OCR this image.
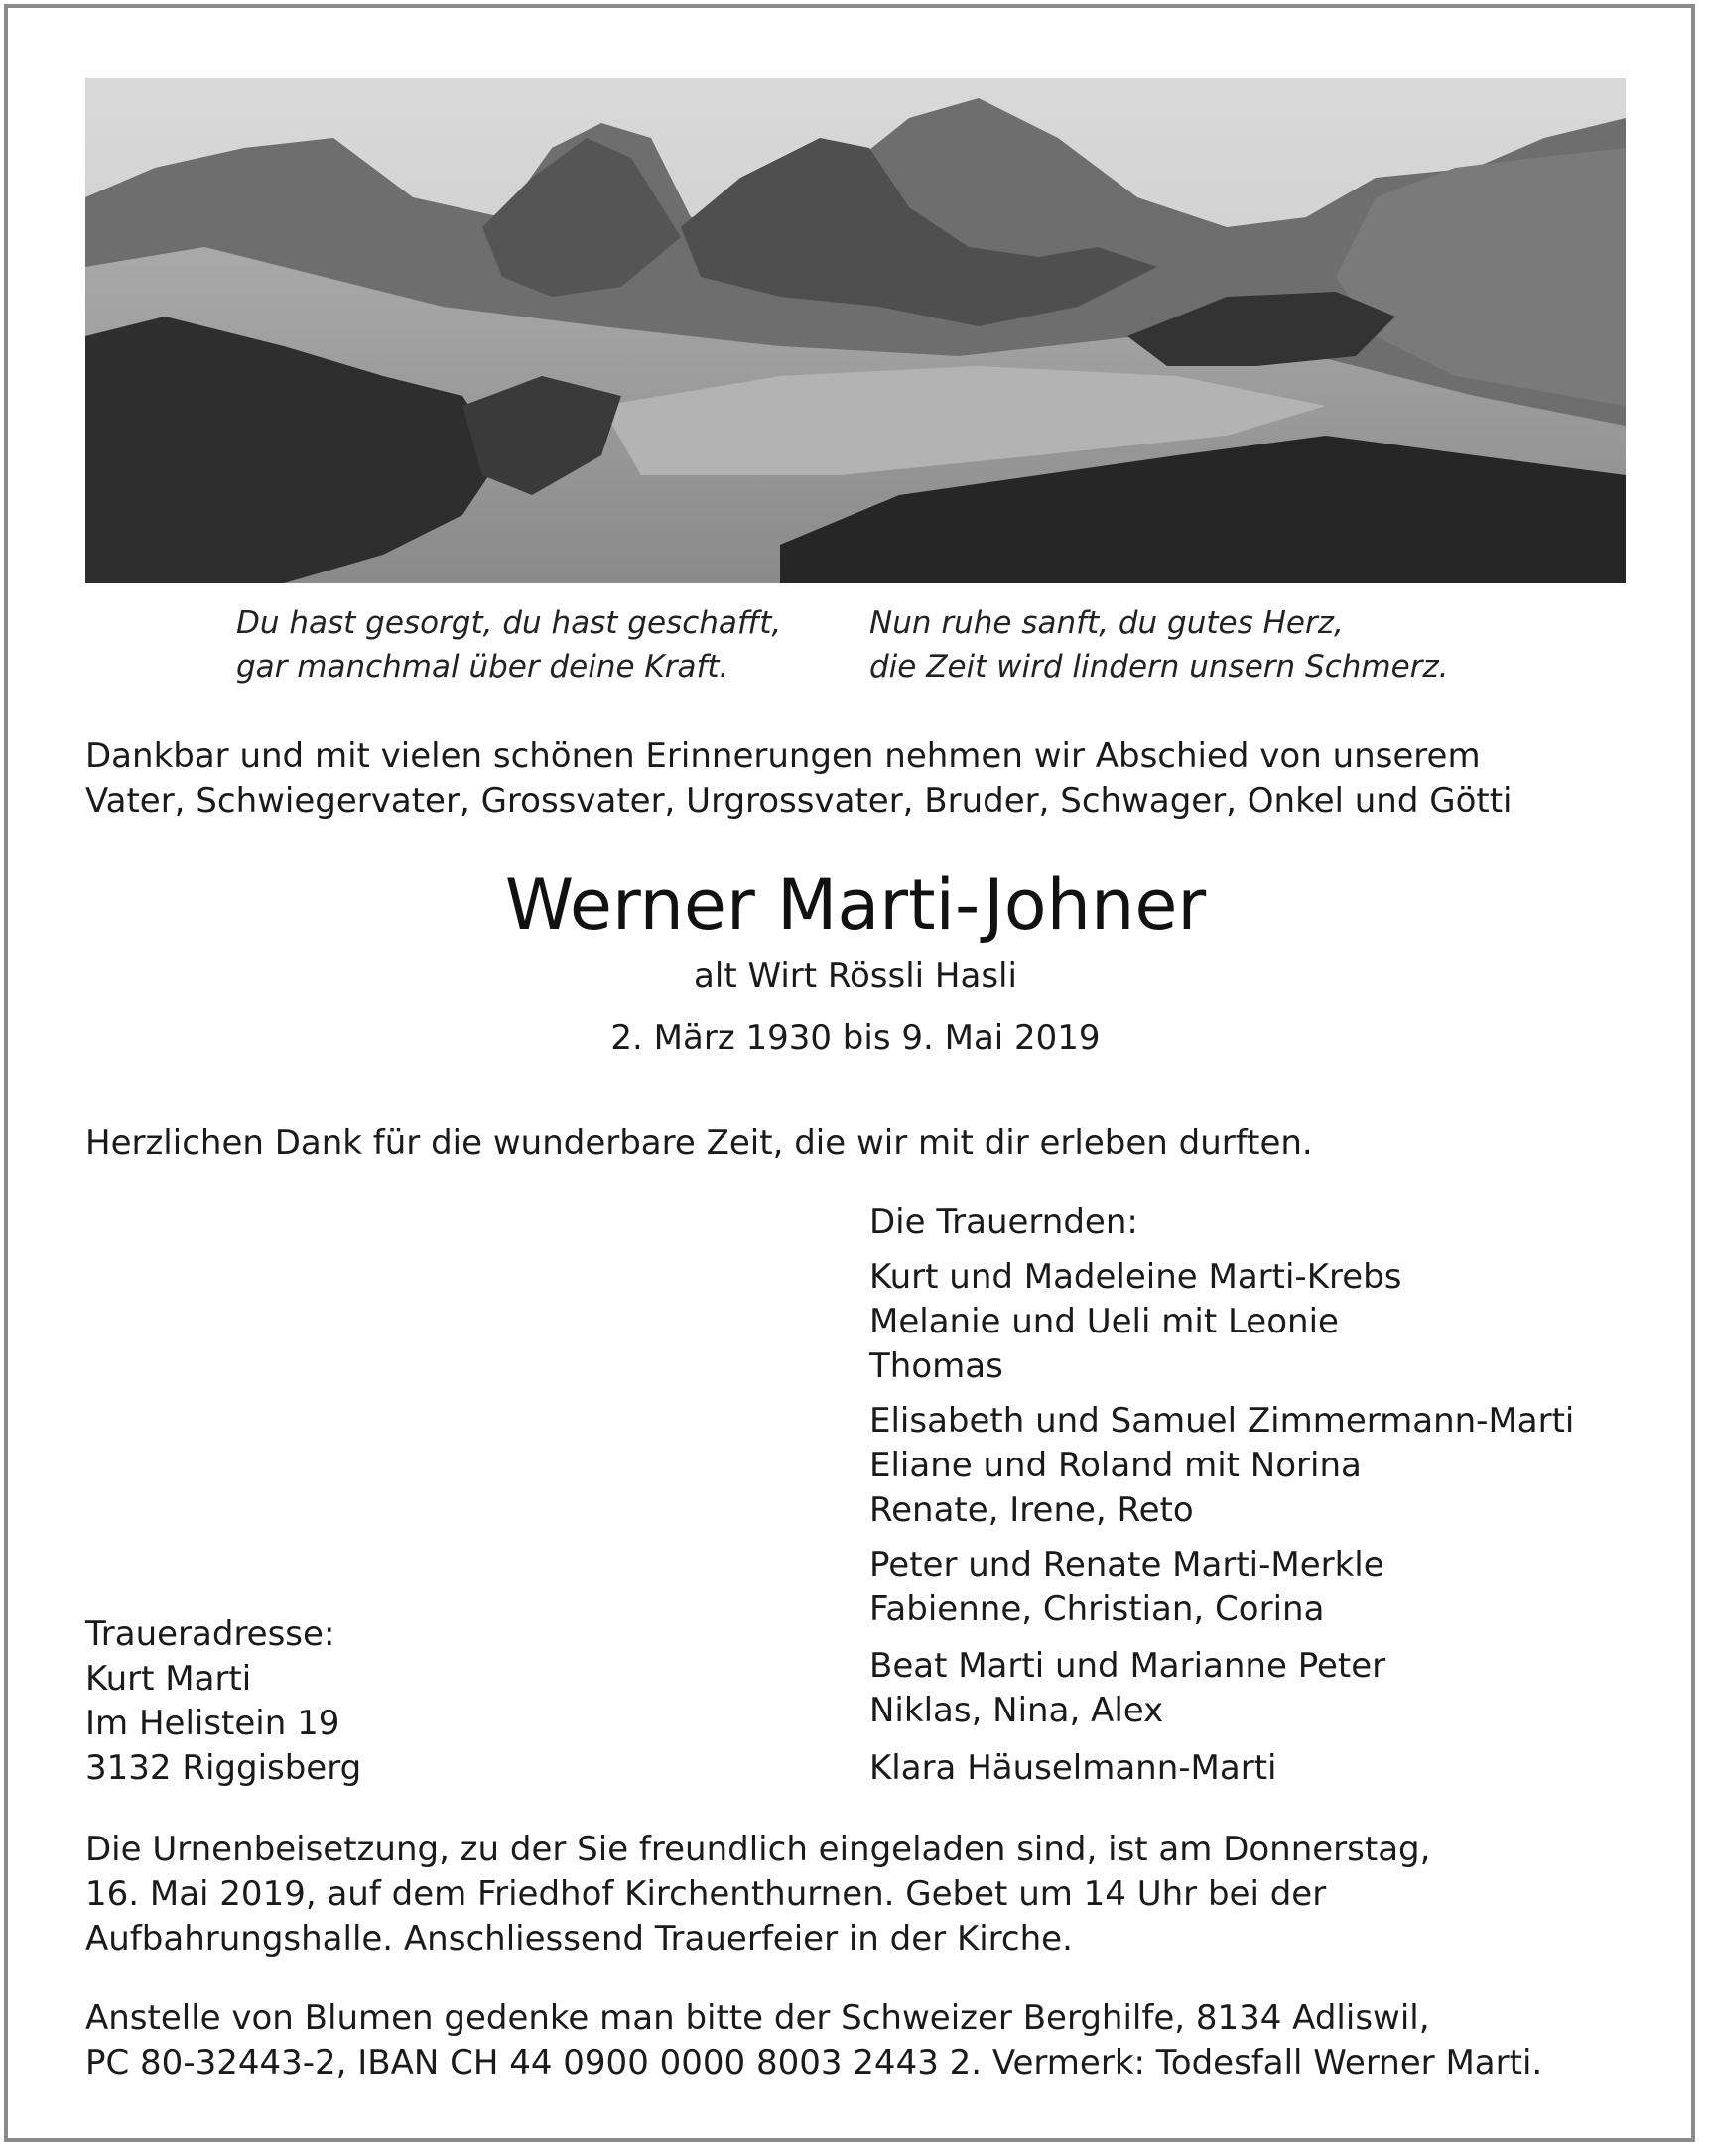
Du hast gesorgt, du hast geschafft,
gar manchmal über deine Kraft.
Nun ruhe sanft, du gutes Herz,
die Zeit wird lindern unsern Schmerz.
Dankbar und mit vielen schönen Erinnerungen nehmen wir Abschied von unserem
Vater, Schwiegervater, Grossvater, Urgrossvater, Bruder, Schwager, Onkel und Götti
Werner Marti-Johner
alt Wirt Rössli Hasli
2. März 1930 bis 9. Mai 2019
Herzlichen Dank für die wunderbare Zeit, die wir mit dir erleben durften.
Die Trauernden:
Kurt und Madeleine Marti-Krebs
Melanie und Ueli mit Leonie
Thomas
Elisabeth und Samuel Zimmermann-Marti
Eliane und Roland mit Norina
Renate, Irene, Reto
Peter und Renate Marti-Merkle
Fabienne, Christian, Corina
Beat Marti und Marianne Peter
Niklas, Nina, Alex
Klara Häuselmann-Marti
Traueradresse:
Kurt Marti
Im Helistein 19
3132 Riggisberg
Die Urnenbeisetzung, zu der Sie freundlich eingeladen sind, ist am Donnerstag,
16. Mai 2019, auf dem Friedhof Kirchenthurnen. Gebet um 14 Uhr bei der
Aufbahrungshalle. Anschliessend Trauerfeier in der Kirche.
Anstelle von Blumen gedenke man bitte der Schweizer Berghilfe, 8134 Adliswil,
PC 80-32443-2, IBAN CH 44 0900 0000 8003 2443 2. Vermerk: Todesfall Werner Marti.
